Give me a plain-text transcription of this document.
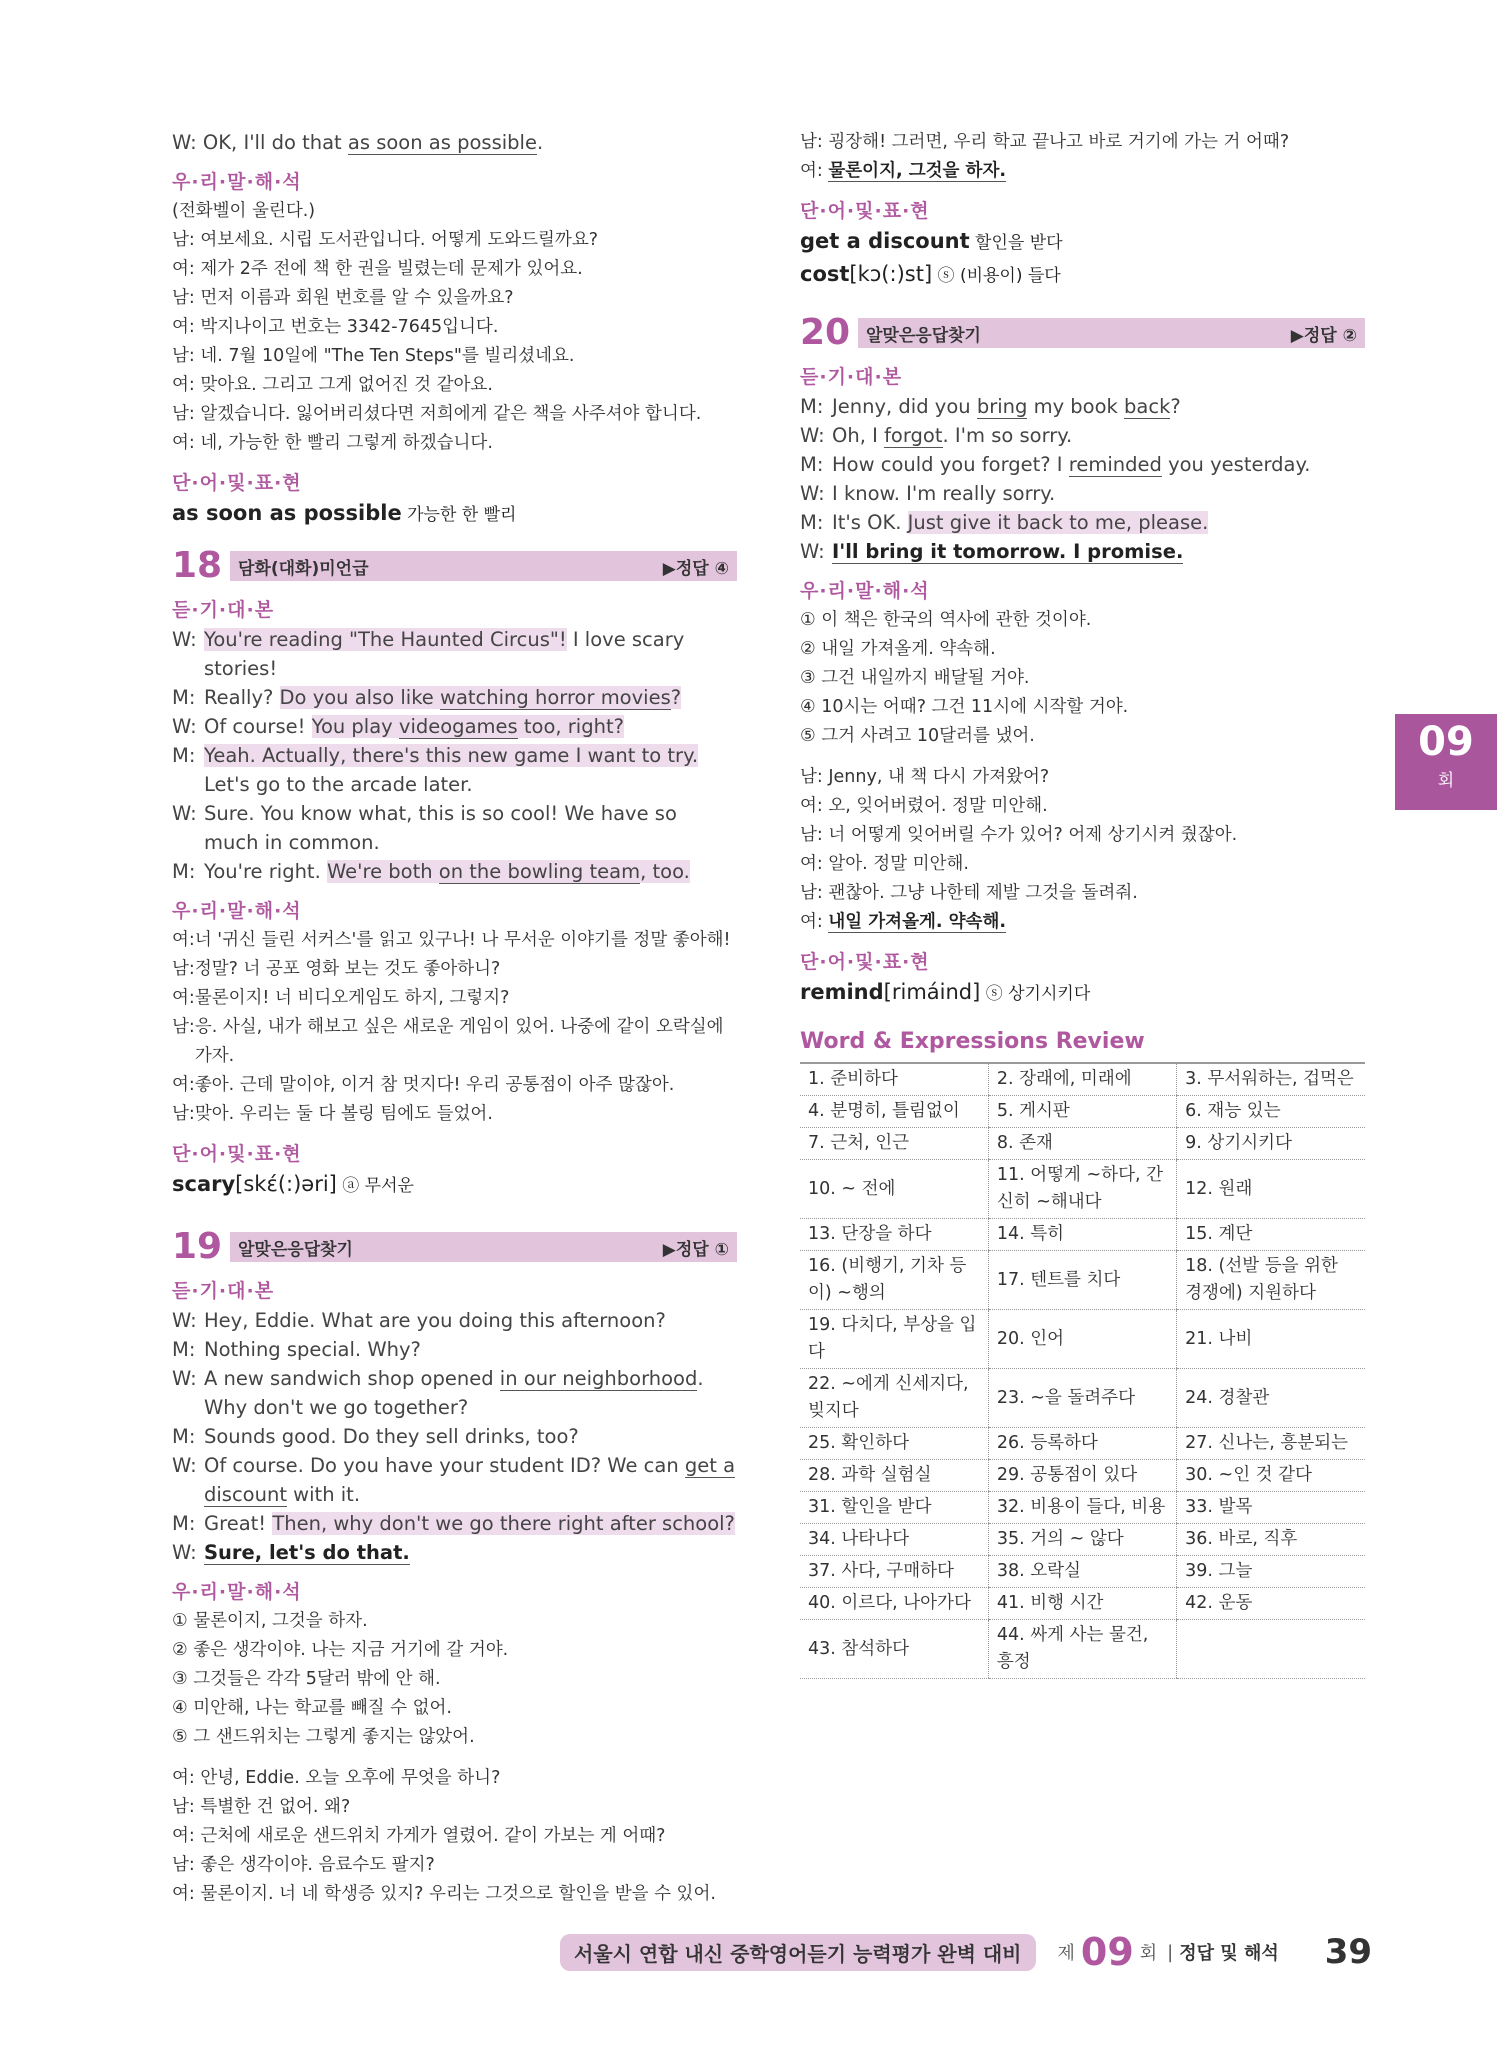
W: OK, I'll do that as soon as possible.
우·리·말·해·석
(전화벨이 울린다.)
남: 여보세요. 시립 도서관입니다. 어떻게 도와드릴까요?
여: 제가 2주 전에 책 한 권을 빌렸는데 문제가 있어요.
남: 먼저 이름과 회원 번호를 알 수 있을까요?
여: 박지나이고 번호는 3342-7645입니다.
남: 네. 7월 10일에 "The Ten Steps"를 빌리셨네요.
여: 맞아요. 그리고 그게 없어진 것 같아요.
남: 알겠습니다. 잃어버리셨다면 저희에게 같은 책을 사주셔야 합니다.
여: 네, 가능한 한 빨리 그렇게 하겠습니다.
단·어·및·표·현
as soon as possible 가능한 한 빨리
18 담화(대화)미언급	▶정답 ④
듣·기·대·본
W: You're reading "The Haunted Circus"! I love scary stories!
M: Really? Do you also like watching horror movies?
W: Of course! You play videogames too, right?
M: Yeah. Actually, there's this new game I want to try. Let's go to the arcade later.
W: Sure. You know what, this is so cool! We have so much in common.
M: You're right. We're both on the bowling team, too.
우·리·말·해·석
여: 너 '귀신 들린 서커스'를 읽고 있구나! 나 무서운 이야기를 정말 좋아해!
남: 정말? 너 공포 영화 보는 것도 좋아하니?
여: 물론이지! 너 비디오게임도 하지, 그렇지?
남: 응. 사실, 내가 해보고 싶은 새로운 게임이 있어. 나중에 같이 오락실에 가자.
여: 좋아. 근데 말이야, 이거 참 멋지다! 우리 공통점이 아주 많잖아.
남: 맞아. 우리는 둘 다 볼링 팀에도 들었어.
단·어·및·표·현
scary[skέ(:)əri] ⓐ 무서운
19 알맞은응답찾기	▶정답 ①
듣·기·대·본
W: Hey, Eddie. What are you doing this afternoon?
M: Nothing special. Why?
W: A new sandwich shop opened in our neighborhood. Why don't we go together?
M: Sounds good. Do they sell drinks, too?
W: Of course. Do you have your student ID? We can get a discount with it.
M: Great! Then, why don't we go there right after school?
W: Sure, let's do that.
우·리·말·해·석
① 물론이지, 그것을 하자.
② 좋은 생각이야. 나는 지금 거기에 갈 거야.
③ 그것들은 각각 5달러 밖에 안 해.
④ 미안해, 나는 학교를 빼질 수 없어.
⑤ 그 샌드위치는 그렇게 좋지는 않았어.
여: 안녕, Eddie. 오늘 오후에 무엇을 하니?
남: 특별한 건 없어. 왜?
여: 근처에 새로운 샌드위치 가게가 열렸어. 같이 가보는 게 어때?
남: 좋은 생각이야. 음료수도 팔지?
여: 물론이지. 너 네 학생증 있지? 우리는 그것으로 할인을 받을 수 있어.
남: 굉장해! 그러면, 우리 학교 끝나고 바로 거기에 가는 거 어때?
여: 물론이지, 그것을 하자.
단·어·및·표·현
get a discount 할인을 받다
cost[kɔ(:)st] ⓢ (비용이) 들다
20 알맞은응답찾기	▶정답 ②
듣·기·대·본
M: Jenny, did you bring my book back?
W: Oh, I forgot. I'm so sorry.
M: How could you forget? I reminded you yesterday.
W: I know. I'm really sorry.
M: It's OK. Just give it back to me, please.
W: I'll bring it tomorrow. I promise.
우·리·말·해·석
① 이 책은 한국의 역사에 관한 것이야.
② 내일 가져올게. 약속해.
③ 그건 내일까지 배달될 거야.
④ 10시는 어때? 그건 11시에 시작할 거야.
⑤ 그거 사려고 10달러를 냈어.
남: Jenny, 내 책 다시 가져왔어?
여: 오, 잊어버렸어. 정말 미안해.
남: 너 어떻게 잊어버릴 수가 있어? 어제 상기시켜 줬잖아.
여: 알아. 정말 미안해.
남: 괜찮아. 그냥 나한테 제발 그것을 돌려줘.
여: 내일 가져올게. 약속해.
단·어·및·표·현
remind[rimáind] ⓢ 상기시키다
Word & Expressions Review
1. 준비하다	2. 장래에, 미래에	3. 무서워하는, 겁먹은
4. 분명히, 틀림없이	5. 게시판	6. 재능 있는
7. 근처, 인근	8. 존재	9. 상기시키다
10. ~ 전에	11. 어떻게 ~하다, 간신히 ~해내다	12. 원래
13. 단장을 하다	14. 특히	15. 계단
16. (비행기, 기차 등이) ~행의	17. 텐트를 치다	18. (선발 등을 위한 경쟁에) 지원하다
19. 다치다, 부상을 입다	20. 인어	21. 나비
22. ~에게 신세지다, 빚지다	23. ~을 돌려주다	24. 경찰관
25. 확인하다	26. 등록하다	27. 신나는, 흥분되는
28. 과학 실험실	29. 공통점이 있다	30. ~인 것 같다
31. 할인을 받다	32. 비용이 들다, 비용	33. 발목
34. 나타나다	35. 거의 ~ 않다	36. 바로, 직후
37. 사다, 구매하다	38. 오락실	39. 그늘
40. 이르다, 나아가다	41. 비행 시간	42. 운동
43. 참석하다	44. 싸게 사는 물건, 흥정	
09
회
서울시 연합 내신 중학영어듣기 능력평가 완벽 대비	제 09 회 | 정답 및 해석 39
